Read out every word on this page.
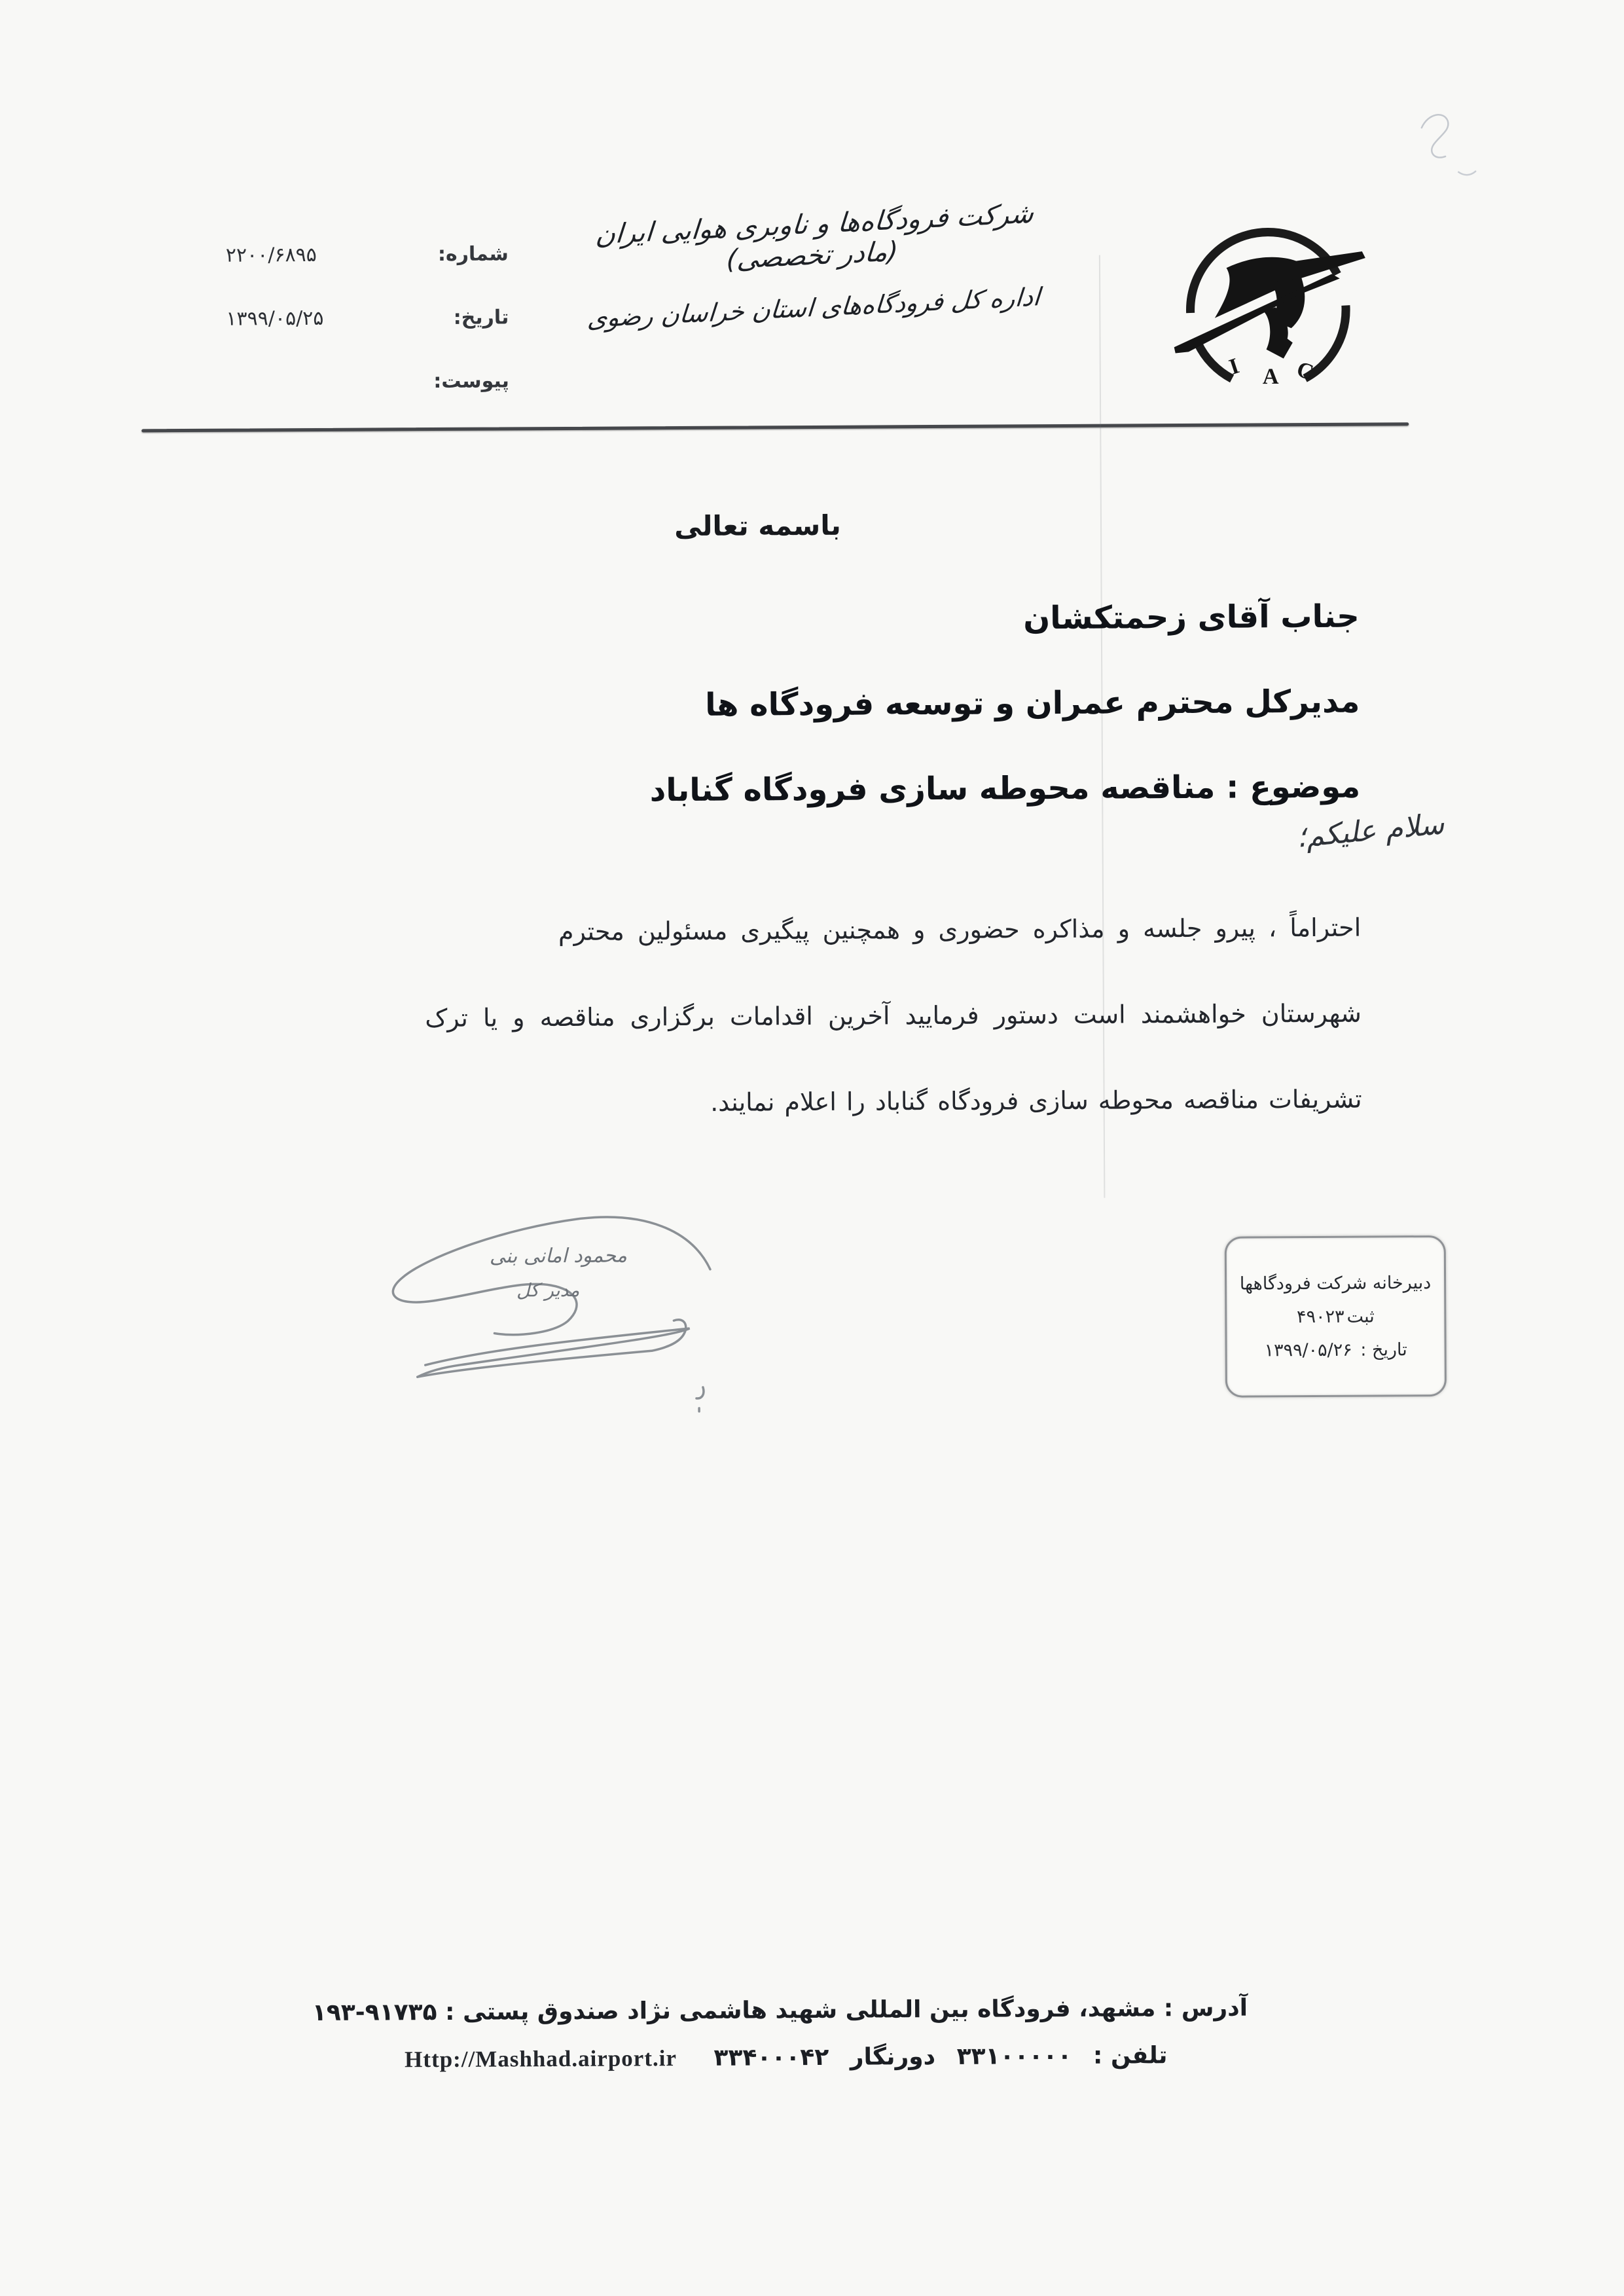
شماره:
۲۲۰۰/۶۸۹۵
تاریخ:
۱۳۹۹/۰۵/۲۵
پیوست:
شرکت فرودگاه‌ها و ناوبری هوایی ایران (مادر تخصصی)
اداره کل فرودگاه‌های استان خراسان رضوی
I A C
باسمه تعالی
جناب آقای زحمتکشان
مدیرکل محترم عمران و توسعه فرودگاه ها
موضوع : مناقصه محوطه سازی فرودگاه گناباد
سلام علیکم؛
احتراماً ، پیرو جلسه و مذاکره حضوری و همچنین پیگیری مسئولین محترم
شهرستان خواهشمند است دستور فرمایید آخرین اقدامات برگزاری مناقصه و یا ترک
تشریفات مناقصه محوطه سازی فرودگاه گناباد را اعلام نمایند.
محمود امانی بنی
مدیر کل	دبیرخانه شرکت فرودگاهها
ثبت۴۹۰۲۳
تاریخ : ۱۳۹۹/۰۵/۲۶
آدرس : مشهد، فرودگاه بین المللی شهید هاشمی نژاد صندوق پستی : ۹۱۷۳۵-۱۹۳
تلفن : ۳۳۱۰۰۰۰۰ دورنگار ۳۳۴۰۰۰۴۲ Http://Mashhad.airport.ir
